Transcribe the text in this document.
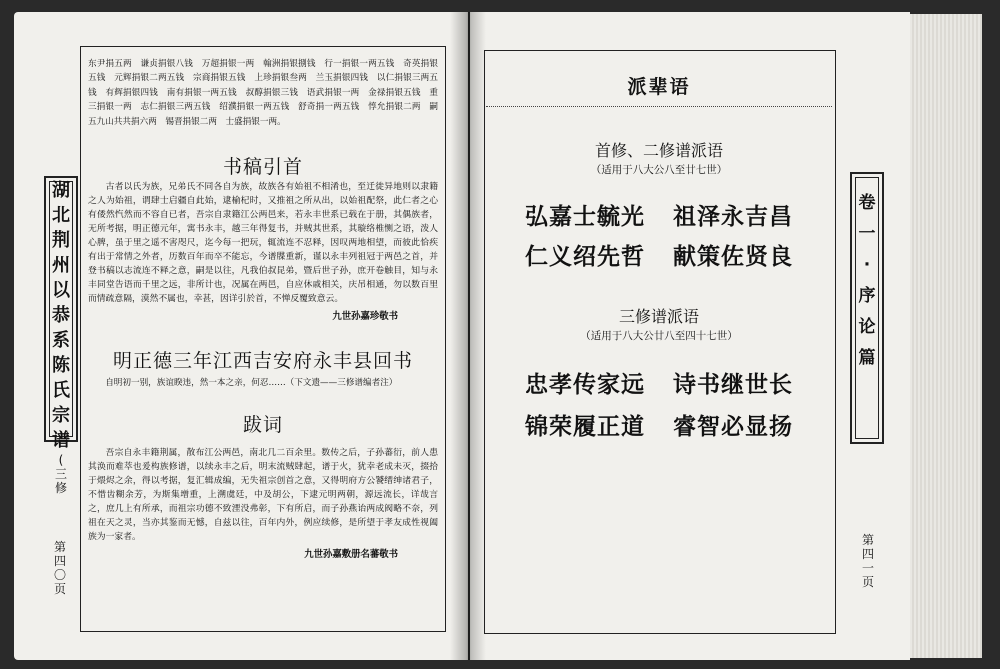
东尹捐五两　谦贞捐银八钱　万超捐银一两　翰洲捐银捌钱　行一捐银一两五钱　奇英捐银五钱　元辉捐银二两五钱　宗商捐银五钱　上珍捐银叁两　兰玉捐银四钱　以仁捐银三两五钱　有辉捐银四钱　南有捐银一两五钱　叔醇捐银三钱　语武捐银一两　金禄捐银五钱　重三捐银一两　志仁捐银三两五钱　绍濮捐银一两五钱　舒奇捐一两五钱　惇允捐银二两　嗣五九山共共捐六两　锡晋捐银二两　士盛捐银一两。
书稿引首
古者以氏为族，兄弟氏不同各自为族，故族各有始祖不相淆也，至迁徙异地则以隶籍之人为始祖，谓肆士启疆自此始，逮榆杞时，又推祖之所从出，以始祖配祭，此仁者之心有倭然忾然而不容自已者，吾宗自隶籍江公两邑来，若永丰世系已载在于册，其偶族者，无所考据，明正德元年，寓书永丰，越三年得复书，并贼其世系，其璇络椎恻之语，泼人心脾，虽于里之遥不害咫尺，迄今每一把玩，辄流连不忍释，因叹两地相望，而彼此恰疾有出于常情之外者，历数百年而卒不能忘，今谱牒重新，谨以永丰列祖冠于两邑之首，并登书稿以志流连不释之意，嗣是以往，凡我伯叔昆弟，暨后世子孙，庶开卷触目，知与永丰同堂告语而千里之远，非所计也，况属在两邑，自应休戚相关，庆吊相通，勿以数百里而情疏意隔，漠然不属也，幸甚，因详引於首，不惮反覆致意云。
九世孙嘉珍敬书
明正德三年江西吉安府永丰县回书
自明初一别，族谊睽违，然一本之亲，何忍……（下文遗——三修谱编者注）
跋词
吾宗自永丰籍荆属，散布江公两邑，南北几二百余里。数传之后，子孙蕃衍，前人患其涣而难萃也爰构族修谱，以续永丰之后，明末流贼肆起，谱于火，犹幸老成未灭，掇拾于煨烬之余，得以考据，复汇辑成编，无失祖宗创首之意，又得明府方公饕缙绅诸君子，不惜齿糊余芳，为斯集增重，上溯虞廷，中及胡公，下逮元明两朝，源远流长，详哉言之，庶几上有所承，而祖宗功德不致湮没弗彰，下有所启，而子孙燕诒两成阀略不奈，列祖在天之灵，当亦其鉴而无憾，自兹以往，百年内外，例应续修，是所望于孝友成性视阖族为一家者。
九世孙嘉敷册名蕃敬书
湖
北
荆
州
以
恭
系
陈
氏
宗
谱
(
三
修
第
四
〇
页
派辈语
首修、二修谱派语
（适用于八大公八至廿七世）
弘嘉士毓光 祖泽永吉昌
仁义绍先哲 献策佐贤良
三修谱派语
（适用于八大公廿八至四十七世）
忠孝传家远 诗书继世长
锦荣履正道 睿智必显扬
卷
一
·
序
论
篇
第
四
一
页
